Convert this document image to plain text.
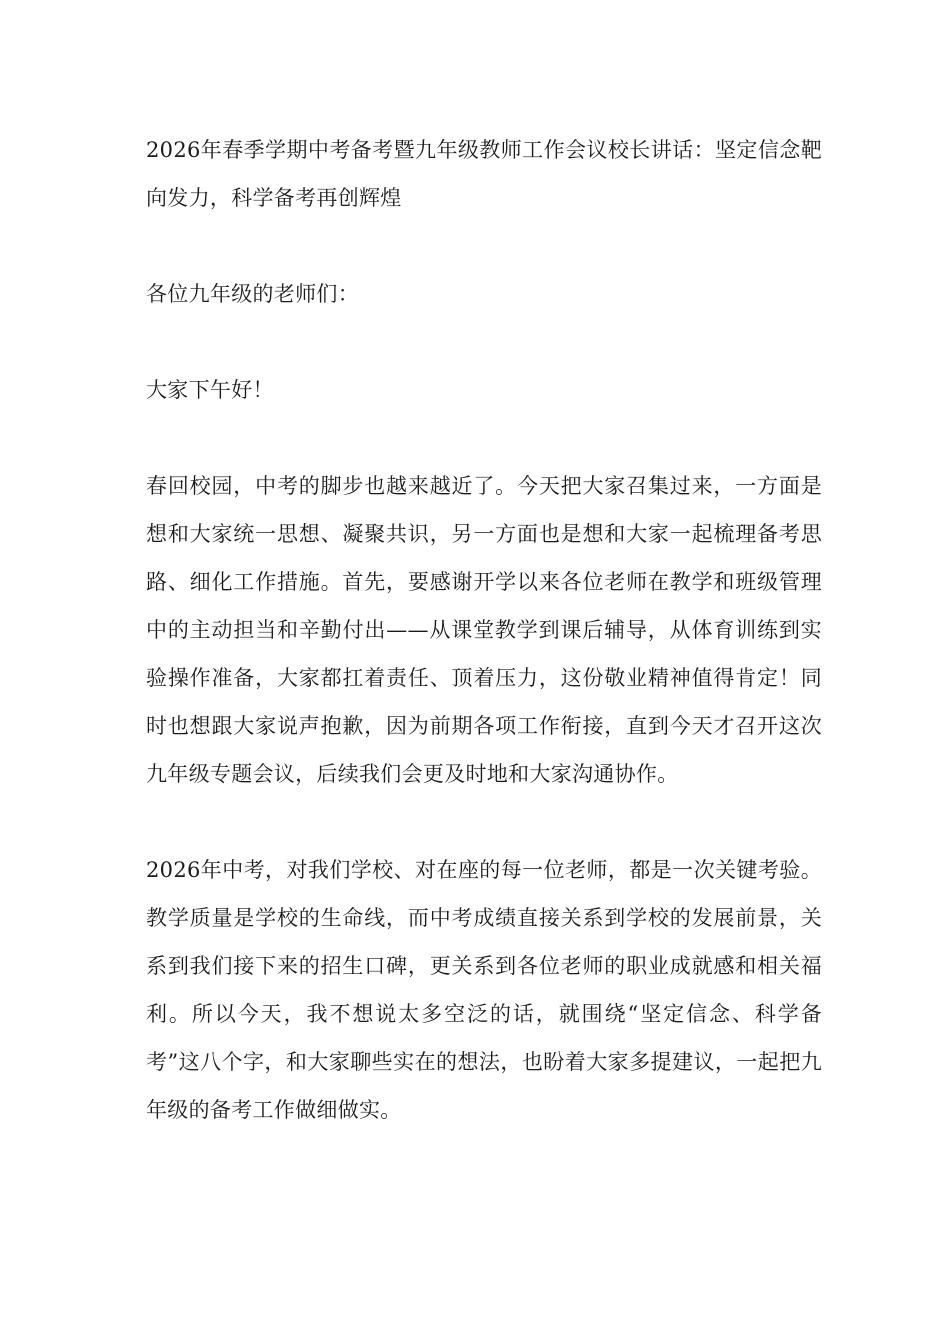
2026年春季学期中考备考暨九年级教师工作会议校长讲话：坚定信念靶向发力，科学备考再创辉煌

各位九年级的老师们：

大家下午好！

春回校园，中考的脚步也越来越近了。今天把大家召集过来，一方面是想和大家统一思想、凝聚共识，另一方面也是想和大家一起梳理备考思路、细化工作措施。首先，要感谢开学以来各位老师在教学和班级管理中的主动担当和辛勤付出——从课堂教学到课后辅导，从体育训练到实验操作准备，大家都扛着责任、顶着压力，这份敬业精神值得肯定！同时也想跟大家说声抱歉，因为前期各项工作衔接，直到今天才召开这次九年级专题会议，后续我们会更及时地和大家沟通协作。

2026年中考，对我们学校、对在座的每一位老师，都是一次关键考验。教学质量是学校的生命线，而中考成绩直接关系到学校的发展前景，关系到我们接下来的招生口碑，更关系到各位老师的职业成就感和相关福利。所以今天，我不想说太多空泛的话，就围绕“坚定信念、科学备考”这八个字，和大家聊些实在的想法，也盼着大家多提建议，一起把九年级的备考工作做细做实。
